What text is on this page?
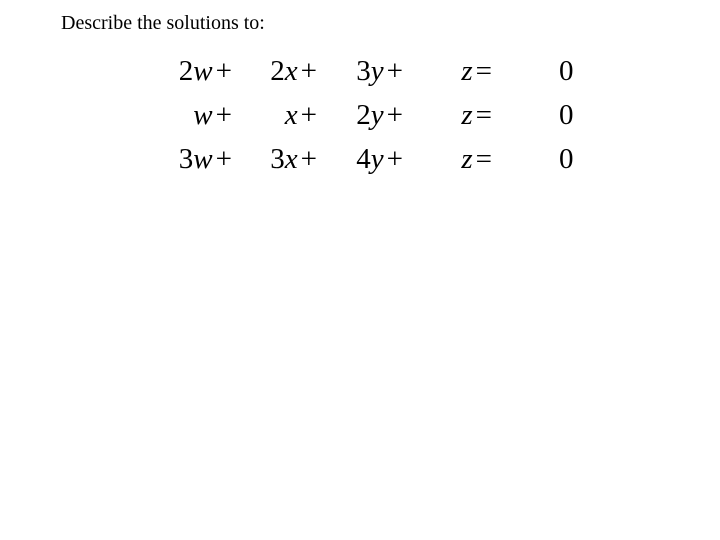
Describe the solutions to:
2w + 2x + 3y + z = 0
w + x + 2y + z = 0
3w + 3x + 4y + z = 0
